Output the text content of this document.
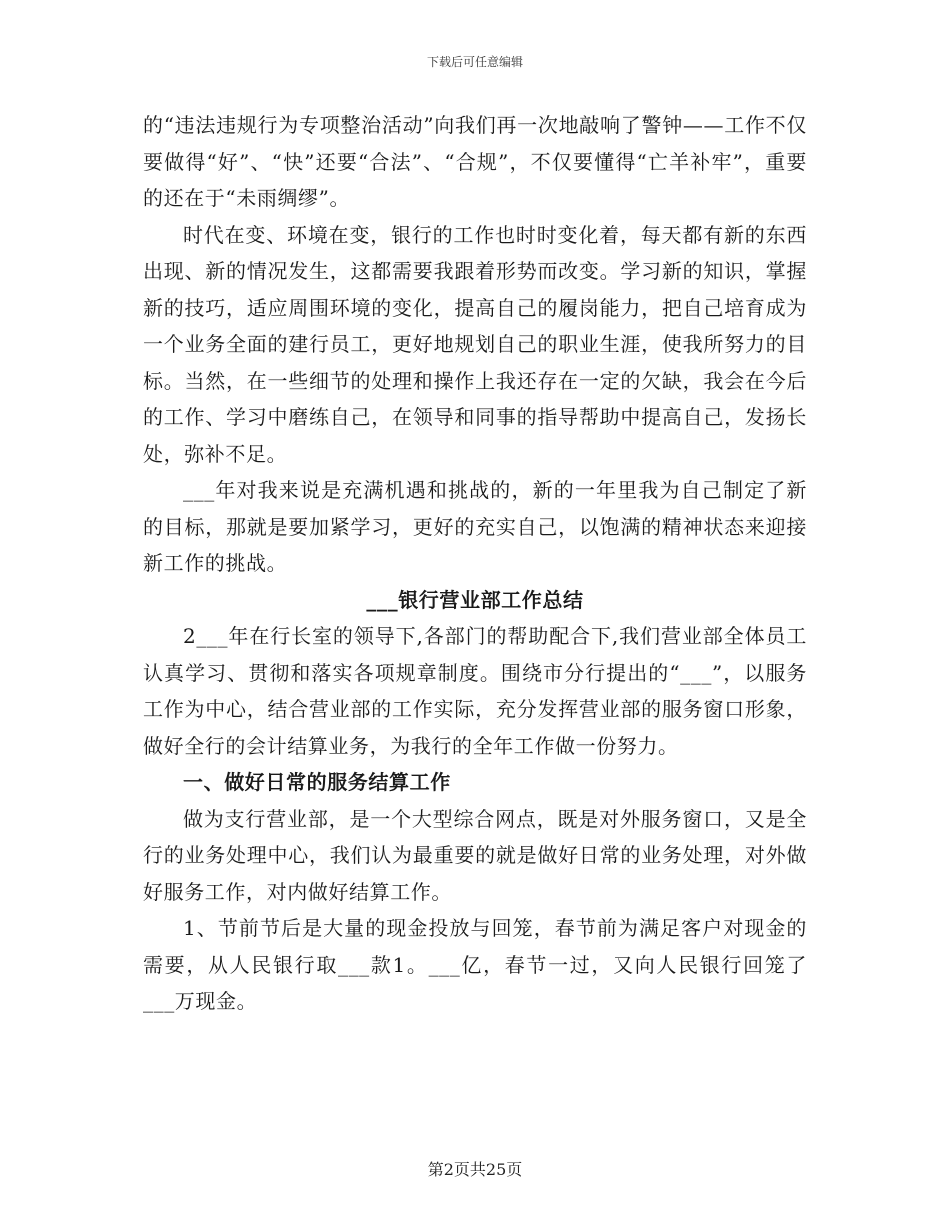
下载后可任意编辑

的“违法违规行为专项整治活动”向我们再一次地敲响了警钟——工作不仅要做得“好”、“快”还要“合法”、“合规”，不仅要懂得“亡羊补牢”，重要的还在于“未雨绸缪”。

时代在变、环境在变，银行的工作也时时变化着，每天都有新的东西出现、新的情况发生，这都需要我跟着形势而改变。学习新的知识，掌握新的技巧，适应周围环境的变化，提高自己的履岗能力，把自己培育成为一个业务全面的建行员工，更好地规划自己的职业生涯，使我所努力的目标。当然，在一些细节的处理和操作上我还存在一定的欠缺，我会在今后的工作、学习中磨练自己，在领导和同事的指导帮助中提高自己，发扬长处，弥补不足。

___年对我来说是充满机遇和挑战的，新的一年里我为自己制定了新的目标，那就是要加紧学习，更好的充实自己，以饱满的精神状态来迎接新工作的挑战。

___银行营业部工作总结

2___年在行长室的领导下,各部门的帮助配合下,我们营业部全体员工认真学习、贯彻和落实各项规章制度。围绕市分行提出的“___”，以服务工作为中心，结合营业部的工作实际，充分发挥营业部的服务窗口形象，做好全行的会计结算业务，为我行的全年工作做一份努力。

一、做好日常的服务结算工作

做为支行营业部，是一个大型综合网点，既是对外服务窗口，又是全行的业务处理中心，我们认为最重要的就是做好日常的业务处理，对外做好服务工作，对内做好结算工作。

1、节前节后是大量的现金投放与回笼，春节前为满足客户对现金的需要，从人民银行取___款1。___亿，春节一过，又向人民银行回笼了___万现金。

第2页共25页
